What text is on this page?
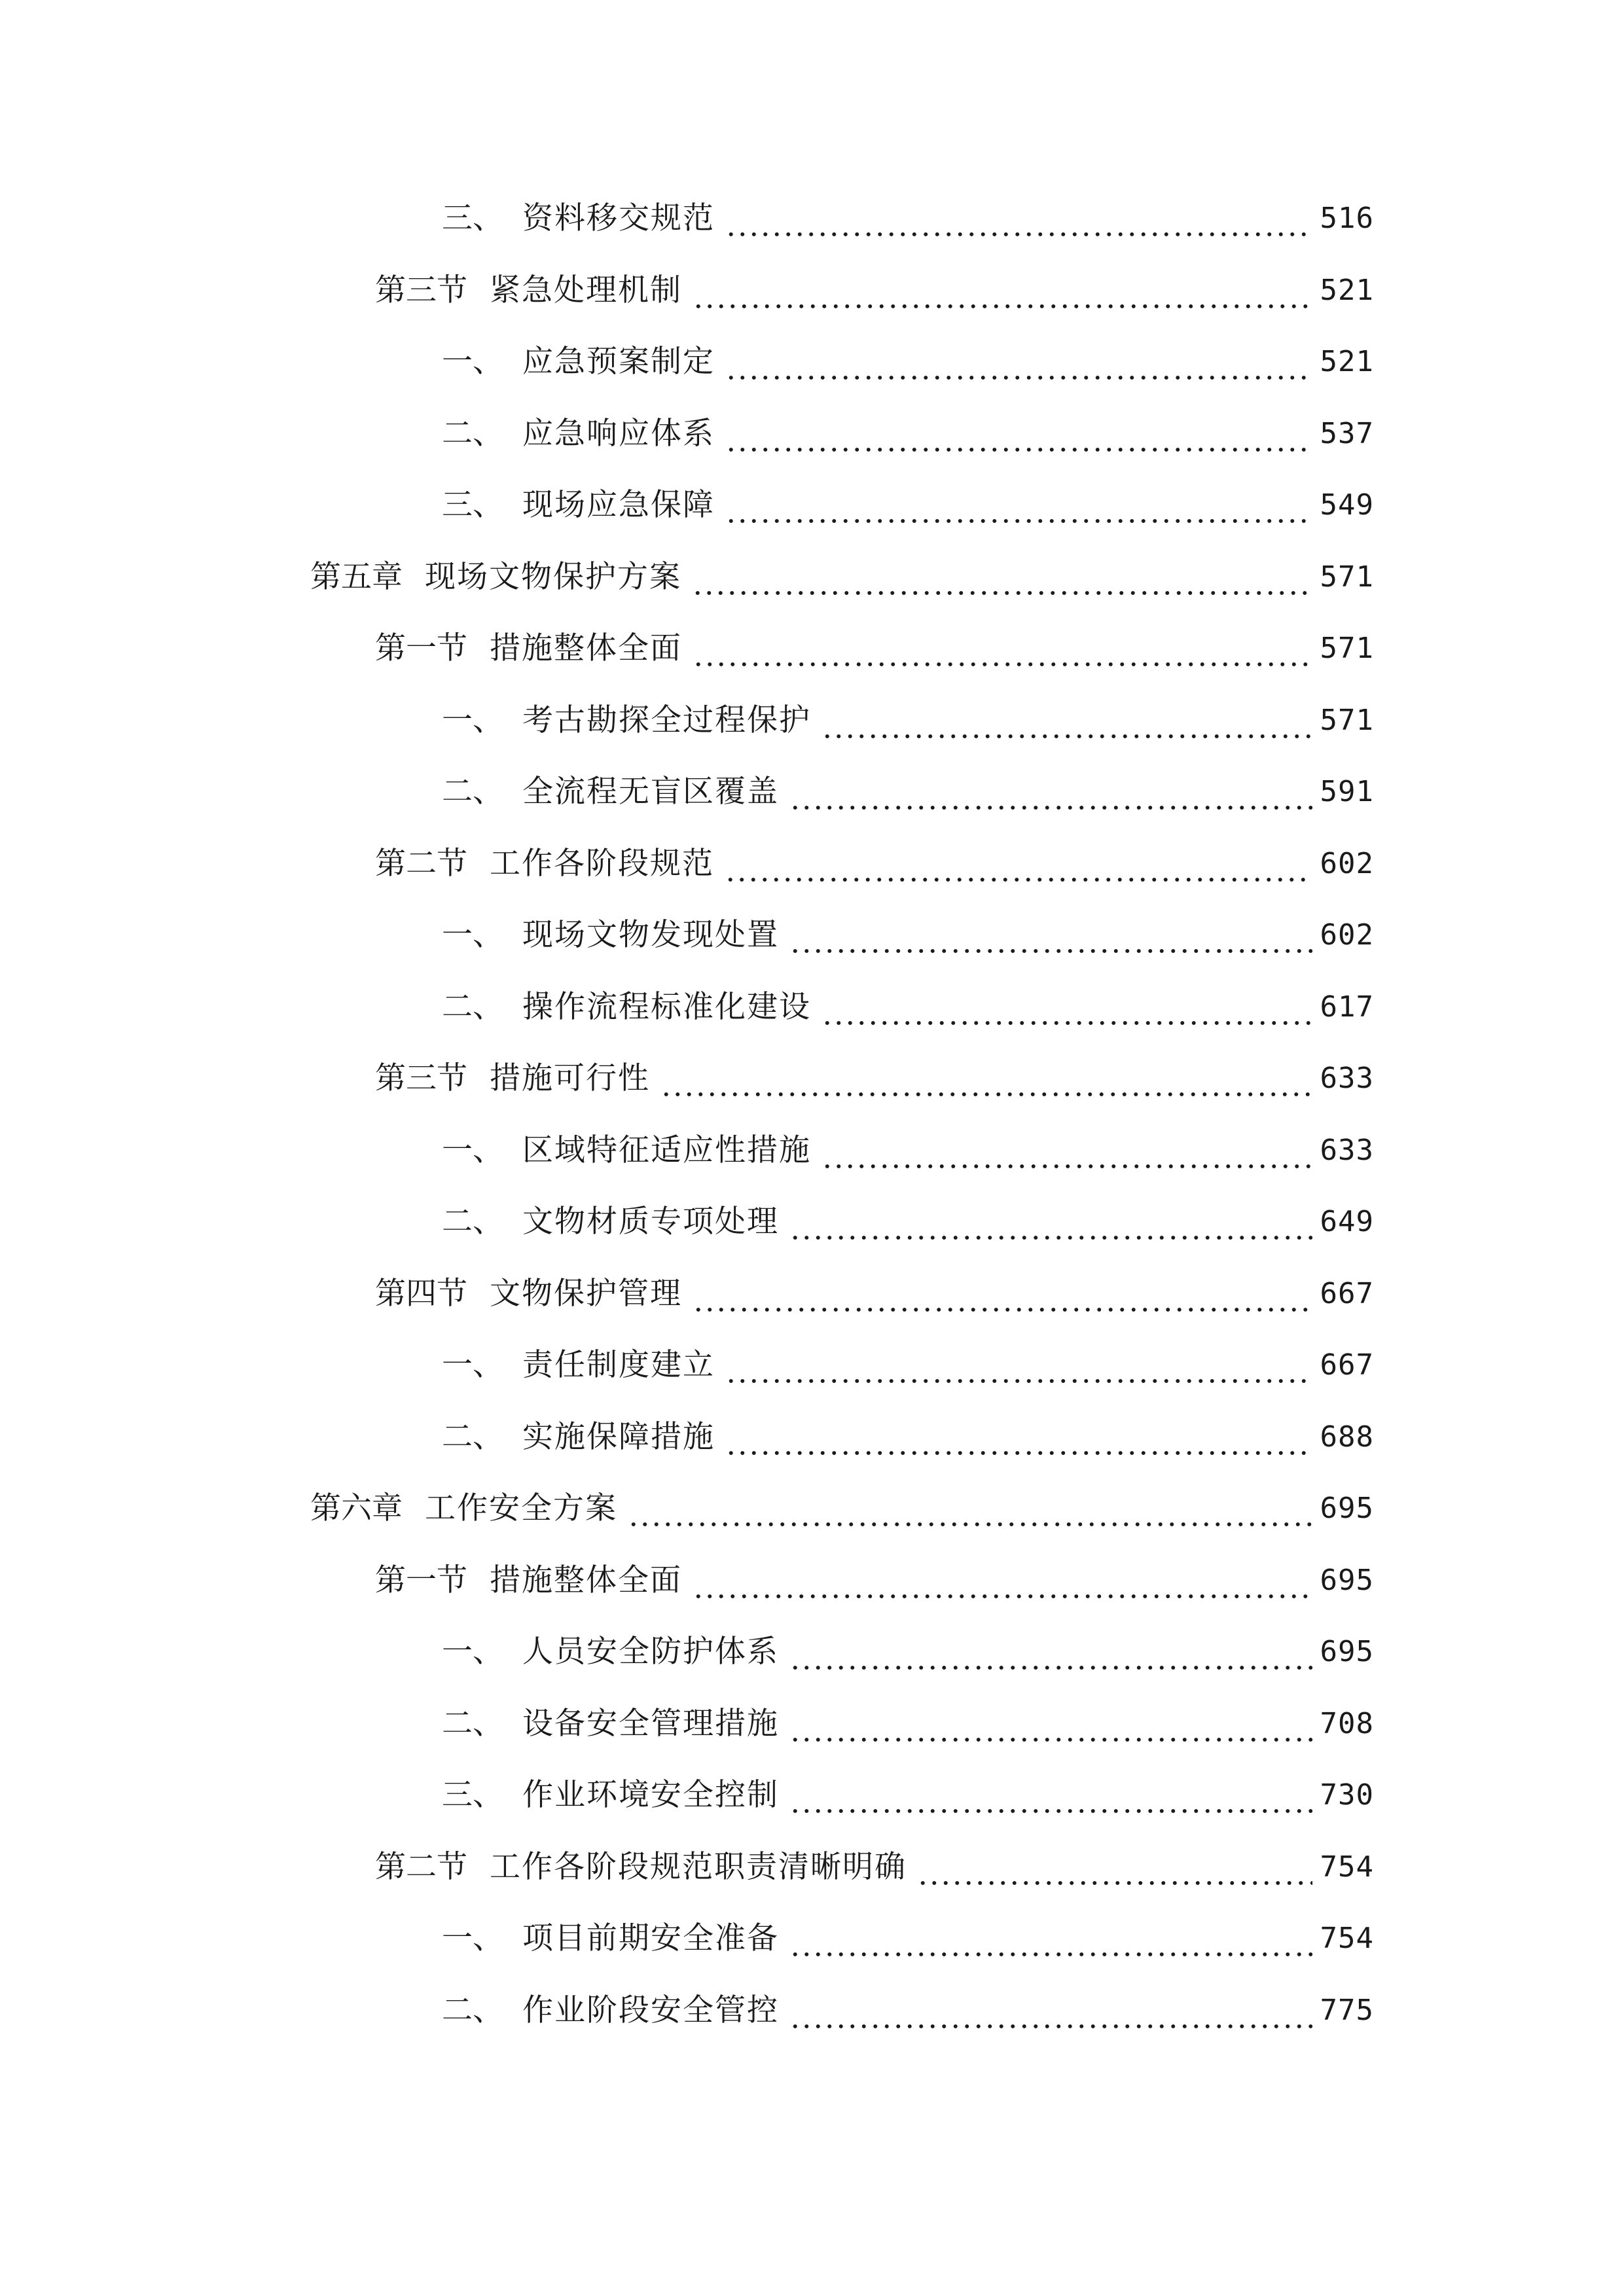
三、 资料移交规范	516
第三节 紧急处理机制	521
一、 应急预案制定	521
二、 应急响应体系	537
三、 现场应急保障	549
第五章 现场文物保护方案	571
第一节 措施整体全面	571
一、 考古勘探全过程保护	571
二、 全流程无盲区覆盖	591
第二节 工作各阶段规范	602
一、 现场文物发现处置	602
二、 操作流程标准化建设	617
第三节 措施可行性	633
一、 区域特征适应性措施	633
二、 文物材质专项处理	649
第四节 文物保护管理	667
一、 责任制度建立	667
二、 实施保障措施	688
第六章 工作安全方案	695
第一节 措施整体全面	695
一、 人员安全防护体系	695
二、 设备安全管理措施	708
三、 作业环境安全控制	730
第二节 工作各阶段规范职责清晰明确	754
一、 项目前期安全准备	754
二、 作业阶段安全管控	775
